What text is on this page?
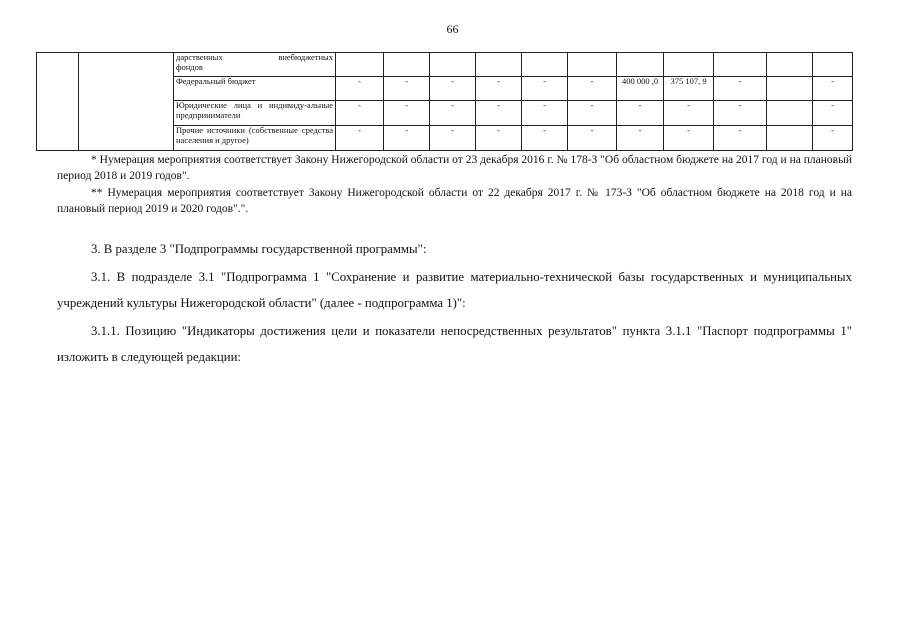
66

		дарственных внебюджетных
фондов											

		Федеральный бюджет	-	-	-	-	-	-	400 000 ,0	375 107, 9	-		-
		Юридические лица и индивиду-альные предприниматели	-	-	-	-	-	-	-	-	-		-
		Прочие источники (собственные средства населения и другое)	-	-	-	-	-	-	-	-	-		-

* Нумерация мероприятия соответствует Закону Нижегородской области от 23 декабря 2016 г. № 178-З "Об областном бюджете на 2017 год и на плановый период 2018 и 2019 годов".

** Нумерация мероприятия соответствует Закону Нижегородской области от 22 декабря 2017 г. № 173-З "Об областном бюджете на 2018 год и на плановый период 2019 и 2020 годов".".

3. В разделе 3 "Подпрограммы государственной программы":

3.1. В подразделе 3.1 "Подпрограмма 1 "Сохранение и развитие материально-технической базы государственных и муниципальных учреждений культуры Нижегородской области" (далее - подпрограмма 1)":

3.1.1. Позицию "Индикаторы достижения цели и показатели непосредственных результатов" пункта 3.1.1 "Паспорт подпрограммы 1" изложить в следующей редакции:
